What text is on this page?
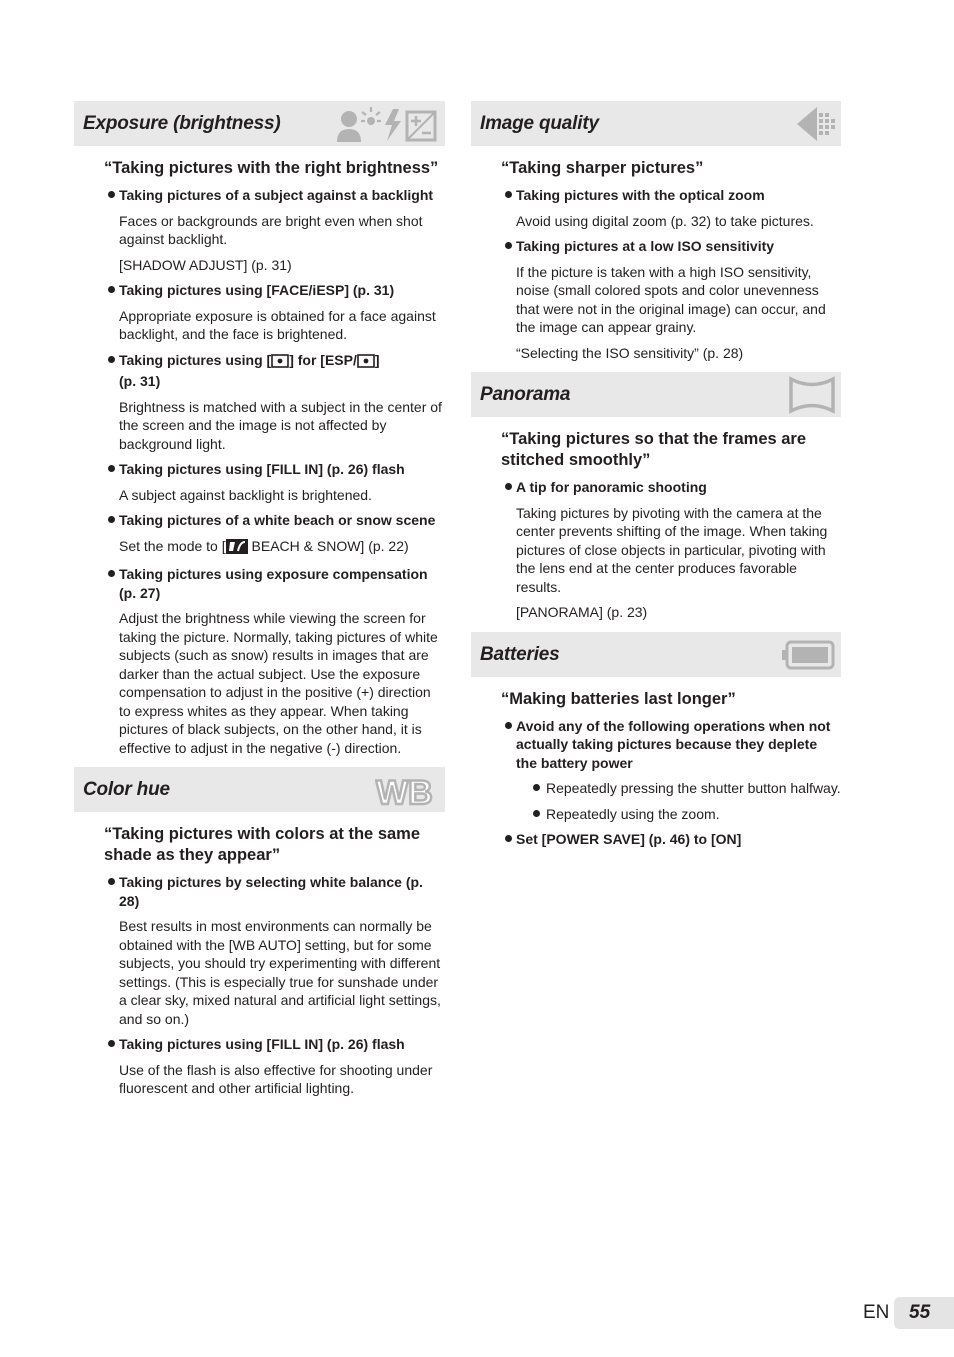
Exposure (brightness)

“Taking pictures with the right brightness”

Taking pictures of a subject against a backlight

Faces or backgrounds are bright even when shot against backlight.

[SHADOW ADJUST] (p. 31)

Taking pictures using [FACE/iESP] (p. 31)

Appropriate exposure is obtained for a face against backlight, and the face is brightened.

Taking pictures using [ ] for [ESP/ ]
(p. 31)

Brightness is matched with a subject in the center of the screen and the image is not affected by background light.

Taking pictures using [FILL IN] (p. 26) flash

A subject against backlight is brightened.

Taking pictures of a white beach or snow scene

Set the mode to [ BEACH & SNOW] (p. 22)

Taking pictures using exposure compensation (p. 27)

Adjust the brightness while viewing the screen for taking the picture. Normally, taking pictures of white subjects (such as snow) results in images that are darker than the actual subject. Use the exposure compensation to adjust in the positive (+) direction to express whites as they appear. When taking pictures of black subjects, on the other hand, it is effective to adjust in the negative (-) direction.

Color hue	WB

“Taking pictures with colors at the same shade as they appear”

Taking pictures by selecting white balance (p. 28)

Best results in most environments can normally be obtained with the [WB AUTO] setting, but for some subjects, you should try experimenting with different settings. (This is especially true for sunshade under a clear sky, mixed natural and artificial light settings, and so on.)

Taking pictures using [FILL IN] (p. 26) flash

Use of the flash is also effective for shooting under fluorescent and other artificial lighting.

Image quality

“Taking sharper pictures”

Taking pictures with the optical zoom

Avoid using digital zoom (p. 32) to take pictures.

Taking pictures at a low ISO sensitivity

If the picture is taken with a high ISO sensitivity, noise (small colored spots and color unevenness that were not in the original image) can occur, and the image can appear grainy.

“Selecting the ISO sensitivity” (p. 28)

Panorama

“Taking pictures so that the frames are stitched smoothly”

A tip for panoramic shooting

Taking pictures by pivoting with the camera at the center prevents shifting of the image. When taking pictures of close objects in particular, pivoting with the lens end at the center produces favorable results.

[PANORAMA] (p. 23)

Batteries

“Making batteries last longer”

Avoid any of the following operations when not actually taking pictures because they deplete the battery power

Repeatedly pressing the shutter button halfway.

Repeatedly using the zoom.

Set [POWER SAVE] (p. 46) to [ON]

EN 55
